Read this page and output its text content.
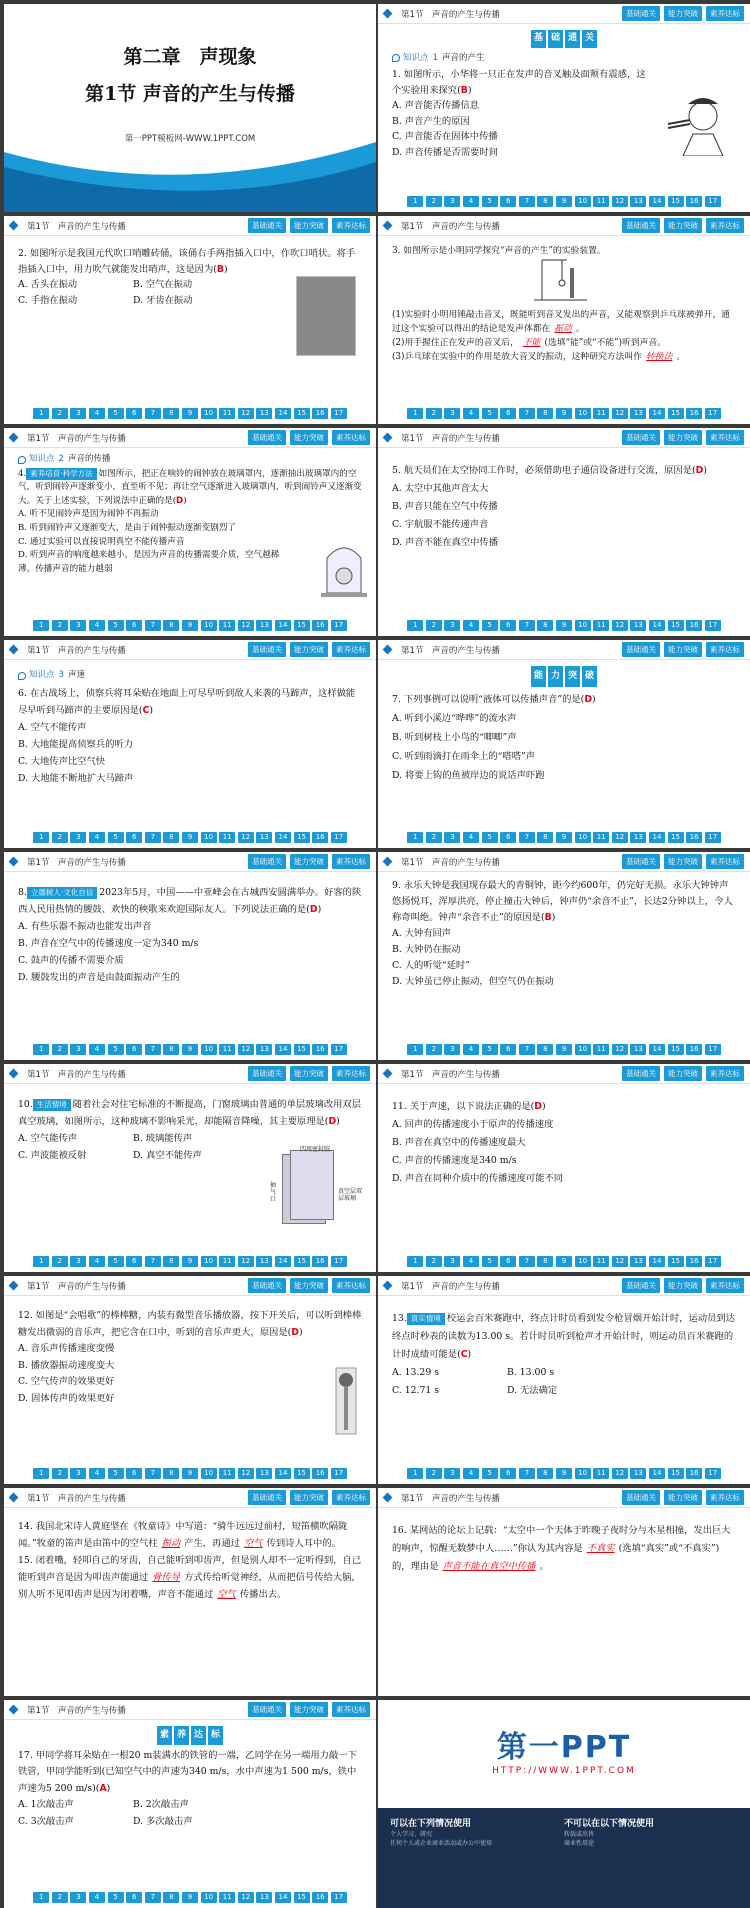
第二章　声现象
第1节 声音的产生与传播
第一PPT模板网-WWW.1PPT.COM
第1节　声音的产生与传播	基础通关	能力突破	素养达标
基 础 通 关
知识点 1 声音的产生

1. 如图所示，小华将一只正在发声的音叉触及面颊有震感，这个实验用来探究(B)

A. 声音能否传播信息
B. 声音产生的原因
C. 声音能否在固体中传播
D. 声音传播是否需要时间
1	2	3	4	5	6	7	8	9	10	11	12	13	14	15	16	17
第1节　声音的产生与传播	基础通关	能力突破	素养达标

2. 如图所示是我国元代吹口哨雕砖俑，该俑右手两指插入口中，作吹口哨状。将手指插入口中，用力吹气就能发出哨声，这是因为(B)

A. 舌头在振动	B. 空气在振动
C. 手指在振动	D. 牙齿在振动
1	2	3	4	5	6	7	8	9	10	11	12	13	14	15	16	17
第1节　声音的产生与传播	基础通关	能力突破	素养达标

3. 如图所示是小明同学探究“声音的产生”的实验装置。

(1)实验时小明用锤敲击音叉，既能听到音叉发出的声音，又能观察到乒乓球被弹开，通过这个实验可以得出的结论是发声体都在 振动 。

(2)用手握住正在发声的音叉后， 不能 (选填“能”或“不能”)听到声音。

(3)乒乓球在实验中的作用是放大音叉的振动，这种研究方法叫作 转换法 。

1	2	3	4	5	6	7	8	9	10	11	12	13	14	15	16	17
第1节　声音的产生与传播	基础通关	能力突破	素养达标
知识点 2 声音的传播

4. 素养培育·科学方法 如图所示，把正在响铃的闹钟放在玻璃罩内，逐渐抽出玻璃罩内的空气，听到闹铃声逐渐变小，直至听不见；再让空气逐渐进入玻璃罩内，听到闹铃声又逐渐变大。关于上述实验，下列说法中正确的是(D)

A. 听不见闹铃声是因为闹钟不再振动
B. 听到闹铃声又逐渐变大，是由于闹钟振动逐渐变剧烈了
C. 通过实验可以直接说明真空不能传播声音
D. 听到声音的响度越来越小，是因为声音的传播需要介质，空气越稀薄，传播声音的能力越弱
1	2	3	4	5	6	7	8	9	10	11	12	13	14	15	16	17
第1节　声音的产生与传播	基础通关	能力突破	素养达标

5. 航天员们在太空协同工作时，必须借助电子通信设备进行交流，原因是(D)

A. 太空中其他声音太大
B. 声音只能在空气中传播
C. 宇航服不能传递声音
D. 声音不能在真空中传播
1	2	3	4	5	6	7	8	9	10	11	12	13	14	15	16	17
第1节　声音的产生与传播	基础通关	能力突破	素养达标
知识点 3 声速

6. 在古战场上，侦察兵将耳朵贴在地面上可尽早听到敌人来袭的马蹄声，这样做能尽早听到马蹄声的主要原因是(C)

A. 空气不能传声
B. 大地能提高侦察兵的听力
C. 大地传声比空气快
D. 大地能不断地扩大马蹄声
1	2	3	4	5	6	7	8	9	10	11	12	13	14	15	16	17
第1节　声音的产生与传播	基础通关	能力突破	素养达标
能 力 突 破

7. 下列事例可以说明“液体可以传播声音”的是(D)

A. 听到小溪边“哗哗”的流水声
B. 听到树枝上小鸟的“唧唧”声
C. 听到雨滴打在雨伞上的“嗒嗒”声
D. 将要上钩的鱼被岸边的说话声吓跑
1	2	3	4	5	6	7	8	9	10	11	12	13	14	15	16	17
第1节　声音的产生与传播	基础通关	能力突破	素养达标

8. 立德树人·文化自信 2023年5月，中国——中亚峰会在古城西安圆满举办。好客的陕西人民用热情的腰鼓、欢快的秧歌来欢迎国际友人。下列说法正确的是(D)

A. 有些乐器不振动也能发出声音
B. 声音在空气中的传播速度一定为340 m/s
C. 鼓声的传播不需要介质
D. 腰鼓发出的声音是由鼓面振动产生的
1	2	3	4	5	6	7	8	9	10	11	12	13	14	15	16	17
第1节　声音的产生与传播	基础通关	能力突破	素养达标

9. 永乐大钟是我国现存最大的青铜钟，距今约600年，仍完好无损。永乐大钟钟声悠扬悦耳，浑厚洪亮，停止撞击大钟后，钟声仍“余音不止”，长达2分钟以上，令人称奇叫绝。钟声“余音不止”的原因是(B)

A. 大钟有回声
B. 大钟仍在振动
C. 人的听觉“延时”
D. 大钟虽已停止振动，但空气仍在振动
1	2	3	4	5	6	7	8	9	10	11	12	13	14	15	16	17
第1节　声音的产生与传播	基础通关	能力突破	素养达标

10. 生活情境 随着社会对住宅标准的不断提高，门窗玻璃由普通的单层玻璃改用双层真空玻璃，如图所示，这种玻璃不影响采光，却能隔音降噪，其主要原理是(D)

A. 空气能传声	B. 玻璃能传声
C. 声波能被反射	D. 真空不能传声
四周密封胶
抽气口
真空层双层玻璃
1	2	3	4	5	6	7	8	9	10	11	12	13	14	15	16	17
第1节　声音的产生与传播	基础通关	能力突破	素养达标

11. 关于声速，以下说法正确的是(D)

A. 回声的传播速度小于原声的传播速度
B. 声音在真空中的传播速度最大
C. 声音的传播速度是340 m/s
D. 声音在同种介质中的传播速度可能不同
1	2	3	4	5	6	7	8	9	10	11	12	13	14	15	16	17
第1节　声音的产生与传播	基础通关	能力突破	素养达标

12. 如图是“会唱歌”的棒棒糖，内装有微型音乐播放器，按下开关后，可以听到棒棒糖发出微弱的音乐声，把它含在口中，听到的音乐声更大，原因是(D)

A. 音乐声传播速度变慢
B. 播放器振动速度变大
C. 空气传声的效果更好
D. 固体传声的效果更好
1	2	3	4	5	6	7	8	9	10	11	12	13	14	15	16	17
第1节　声音的产生与传播	基础通关	能力突破	素养达标

13. 真实情境 校运会百米赛跑中，终点计时员看到发令枪冒烟开始计时，运动员到达终点时秒表的读数为13.00 s。若计时员听到枪声才开始计时，则运动员百米赛跑的计时成绩可能是(C)

A. 13.29 s	B. 13.00 s
C. 12.71 s	D. 无法确定
1	2	3	4	5	6	7	8	9	10	11	12	13	14	15	16	17
第1节　声音的产生与传播	基础通关	能力突破	素养达标

14. 我国北宋诗人黄庭坚在《牧童诗》中写道：“骑牛远远过前村，短笛横吹隔陇闻。”牧童的笛声是由笛中的空气柱 振动 产生，再通过 空气 传到诗人耳中的。

15. 闭着嘴，轻叩自己的牙齿，自己能听到叩齿声，但是别人却不一定听得到，自己能听到声音是因为叩齿声能通过 骨传导 方式传给听觉神经，从而把信号传给大脑，别人听不见叩齿声是因为闭着嘴，声音不能通过 空气 传播出去。

第1节　声音的产生与传播	基础通关	能力突破	素养达标

16. 某网站的论坛上记载：“太空中一个天体于昨晚子夜时分与木星相撞，发出巨大的响声，惊醒无数梦中人……”你认为其内容是 不真实 (选填“真实”或“不真实”)的，理由是 声音不能在真空中传播 。

第1节　声音的产生与传播	基础通关	能力突破	素养达标
素 养 达 标

17. 甲同学将耳朵贴在一根20 m装满水的铁管的一端，乙同学在另一端用力敲一下铁管，甲同学能听到(已知空气中的声速为340 m/s，水中声速为1 500 m/s，铁中声速为5 200 m/s)(A)

A. 1次敲击声	B. 2次敲击声
C. 3次敲击声	D. 多次敲击声
1	2	3	4	5	6	7	8	9	10	11	12	13	14	15	16	17
第一PPT
HTTP://WWW.1PPT.COM
可以在下列情况使用
个人学习、研究
任何个人或企业商业活动或办公中使用
不可以在以下情况使用
转载或出售
商业性用途
